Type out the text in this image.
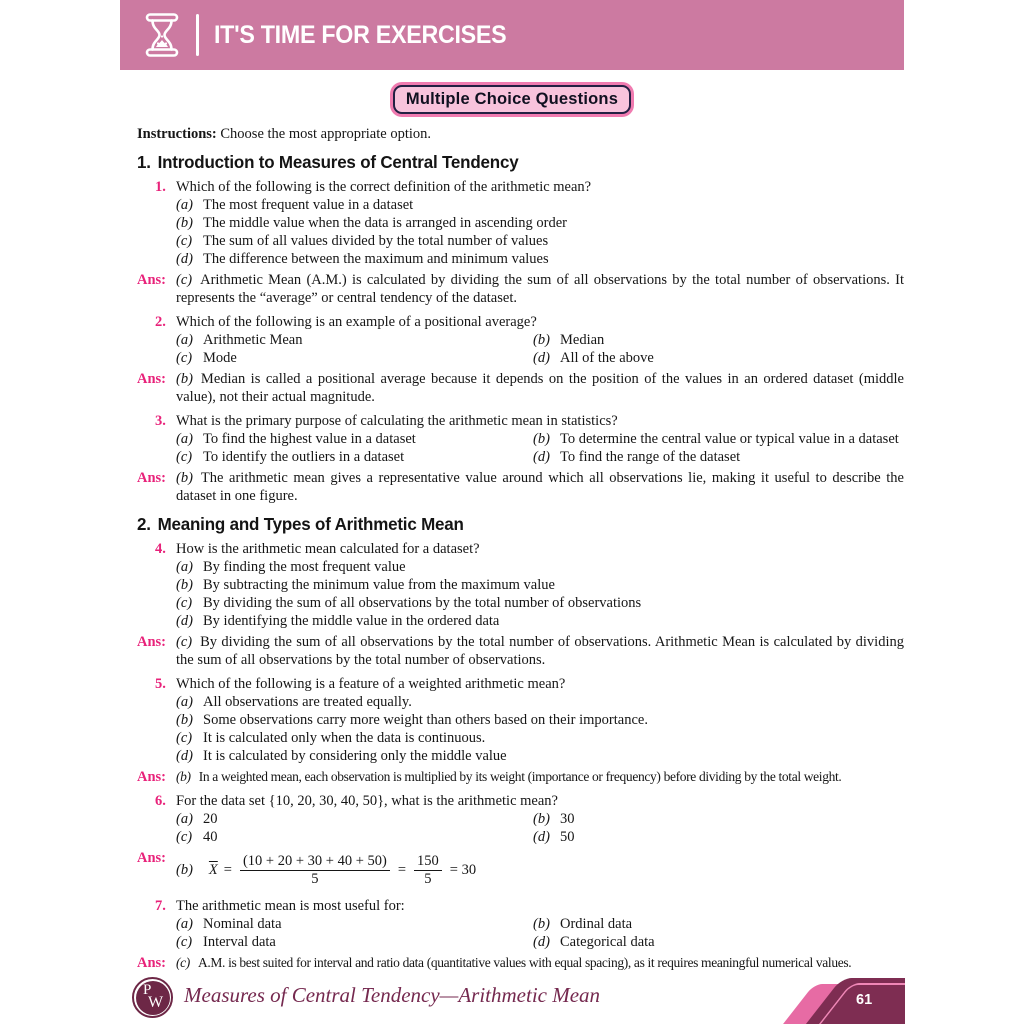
IT'S TIME FOR EXERCISES
Multiple Choice Questions
Instructions: Choose the most appropriate option.
1. Introduction to Measures of Central Tendency
1. Which of the following is the correct definition of the arithmetic mean?
(a) The most frequent value in a dataset
(b) The middle value when the data is arranged in ascending order
(c) The sum of all values divided by the total number of values
(d) The difference between the maximum and minimum values
Ans: (c) Arithmetic Mean (A.M.) is calculated by dividing the sum of all observations by the total number of observations. It represents the “average” or central tendency of the dataset.
2. Which of the following is an example of a positional average?
(a) Arithmetic Mean	(b) Median
(c) Mode	(d) All of the above
Ans: (b) Median is called a positional average because it depends on the position of the values in an ordered dataset (middle value), not their actual magnitude.
3. What is the primary purpose of calculating the arithmetic mean in statistics?
(a) To find the highest value in a dataset	(b) To determine the central value or typical value in a dataset
(c) To identify the outliers in a dataset	(d) To find the range of the dataset
Ans: (b) The arithmetic mean gives a representative value around which all observations lie, making it useful to describe the dataset in one figure.
2. Meaning and Types of Arithmetic Mean
4. How is the arithmetic mean calculated for a dataset?
(a) By finding the most frequent value
(b) By subtracting the minimum value from the maximum value
(c) By dividing the sum of all observations by the total number of observations
(d) By identifying the middle value in the ordered data
Ans: (c) By dividing the sum of all observations by the total number of observations. Arithmetic Mean is calculated by dividing the sum of all observations by the total number of observations.
5. Which of the following is a feature of a weighted arithmetic mean?
(a) All observations are treated equally.
(b) Some observations carry more weight than others based on their importance.
(c) It is calculated only when the data is continuous.
(d) It is calculated by considering only the middle value
Ans: (b) In a weighted mean, each observation is multiplied by its weight (importance or frequency) before dividing by the total weight.
6. For the data set {10, 20, 30, 40, 50}, what is the arithmetic mean?
(a) 20	(b) 30
(c) 40	(d) 50
Ans:
(b) $\overline{X} = \frac{(10 + 20 + 30 + 40 + 50)}{5} = \frac{150}{5} = 30$
7. The arithmetic mean is most useful for:
(a) Nominal data	(b) Ordinal data
(c) Interval data	(d) Categorical data
Ans: (c) A.M. is best suited for interval and ratio data (quantitative values with equal spacing), as it requires meaningful numerical values.
P
W Measures of Central Tendency—Arithmetic Mean	61
